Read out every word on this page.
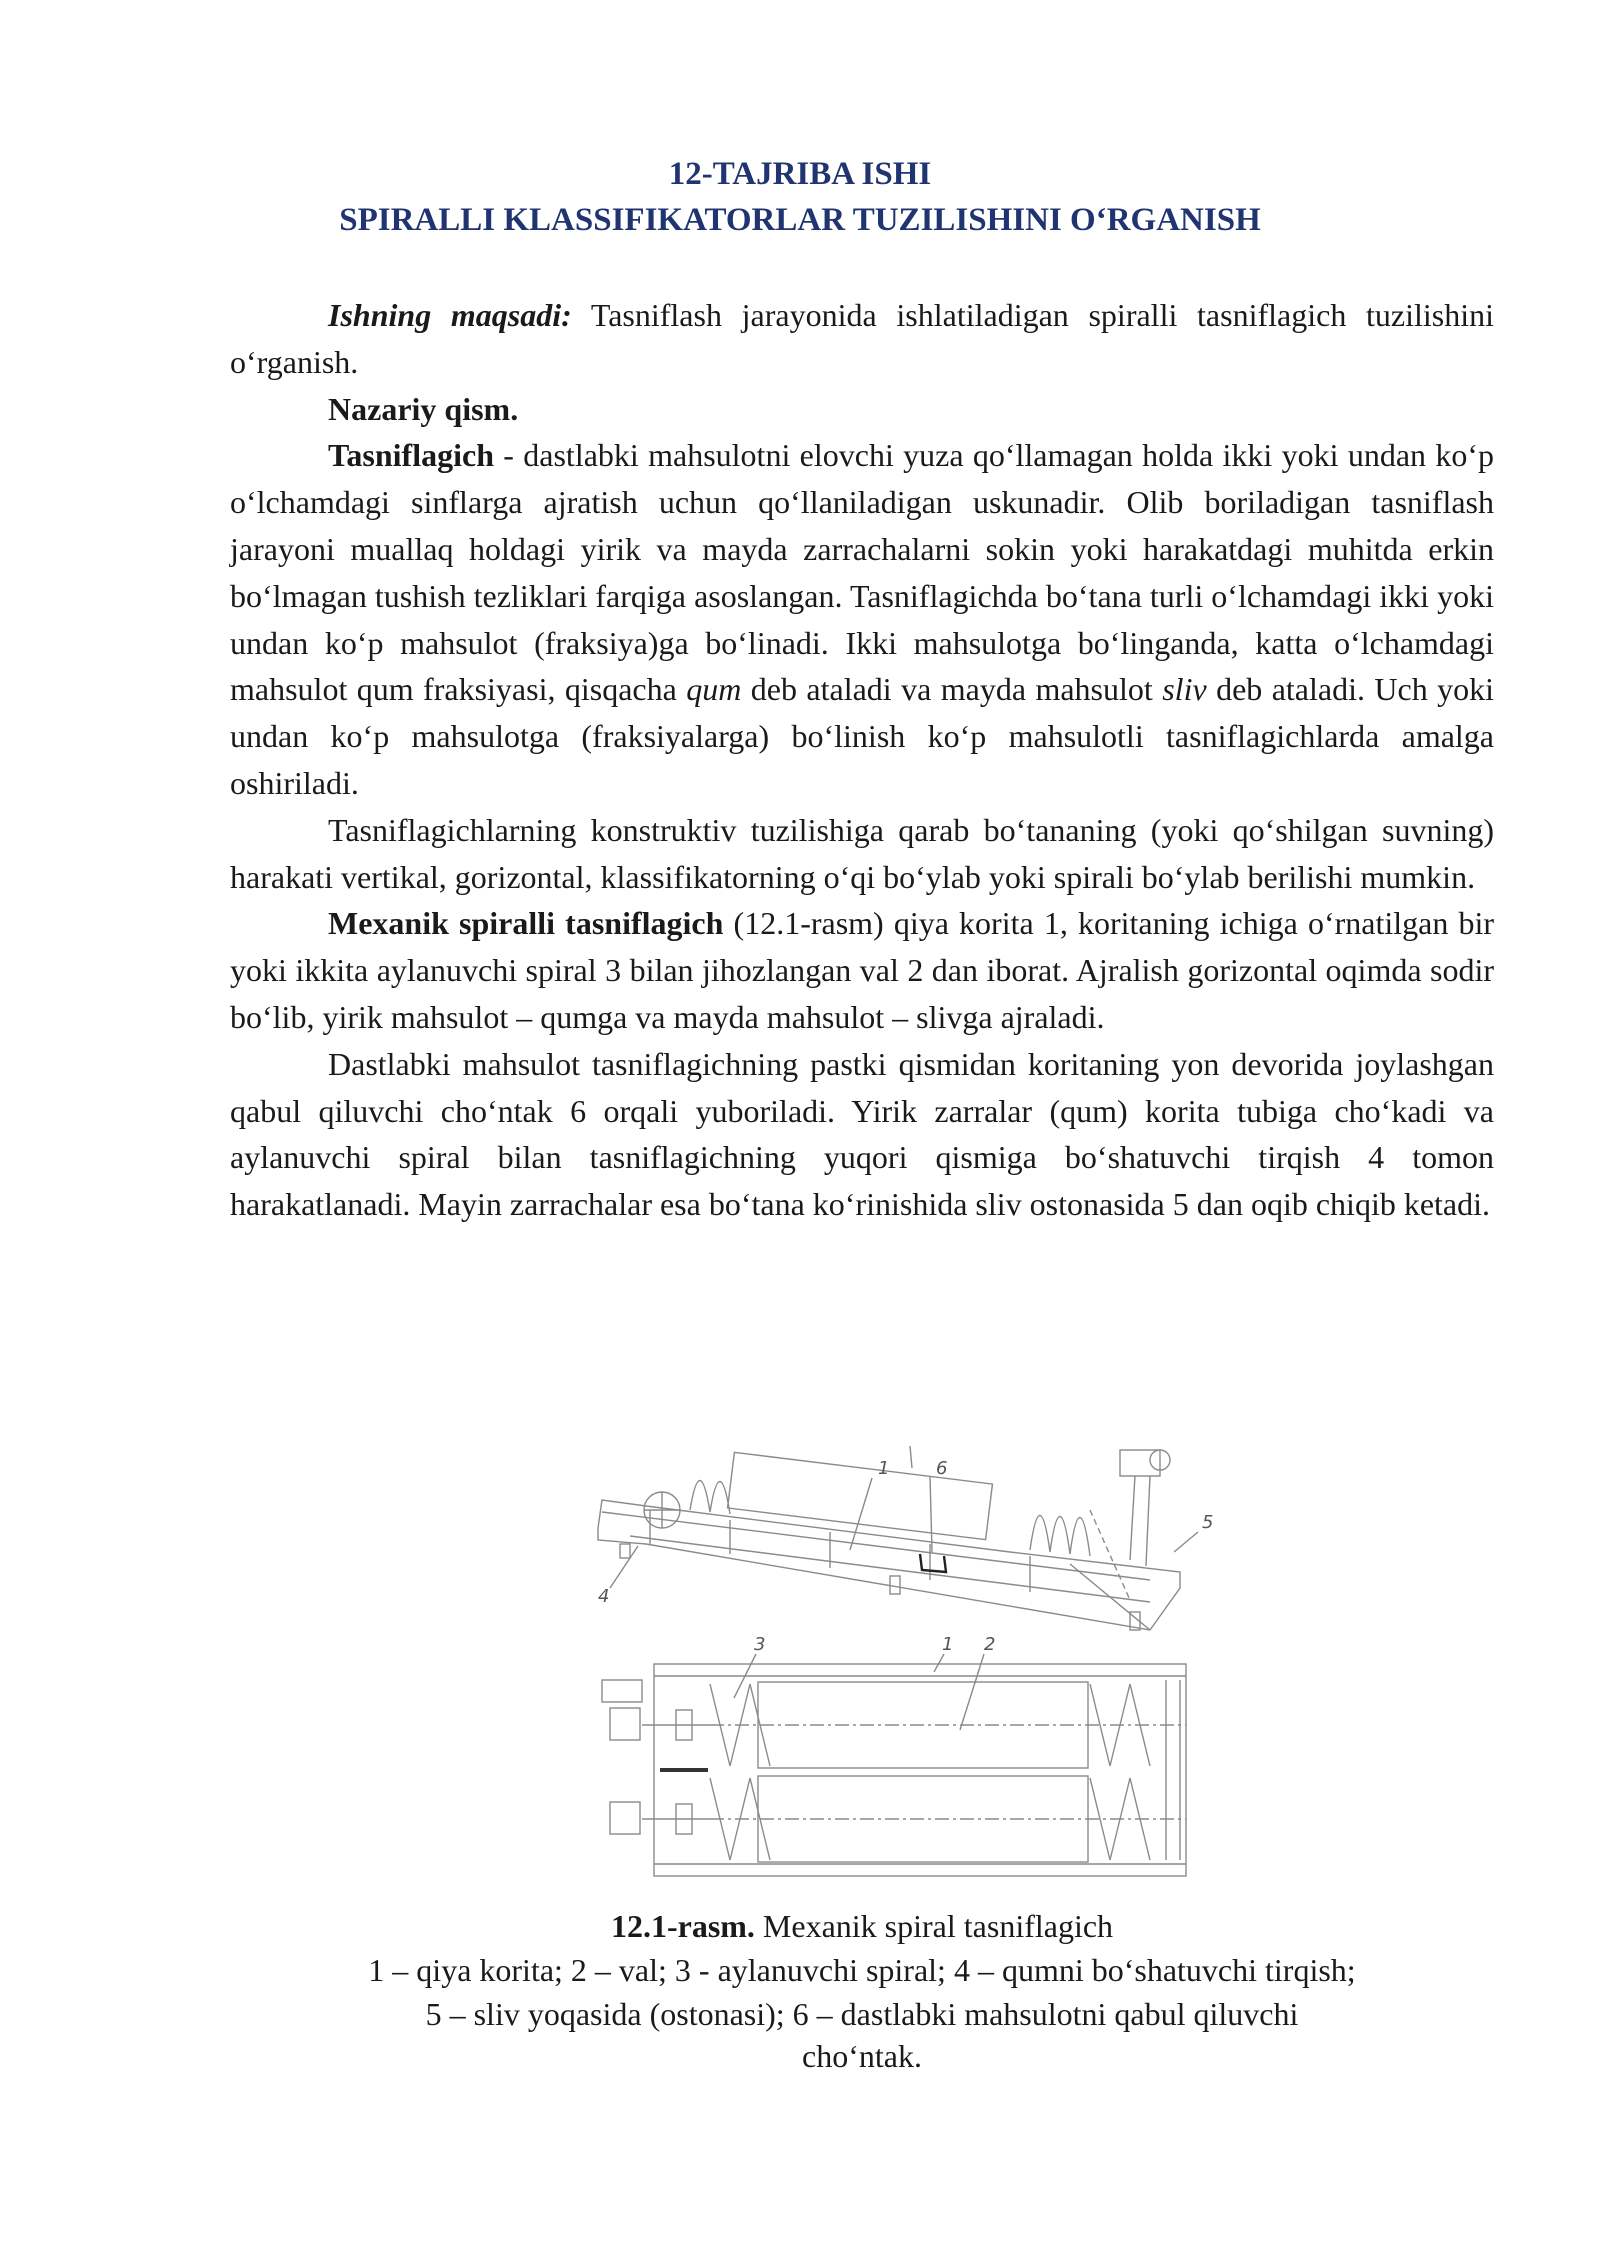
12-TAJRIBA ISHI
SPIRALLI KLASSIFIKATORLAR TUZILISHINI O‘RGANISH

Ishning maqsadi: Tasniflash jarayonida ishlatiladigan spiralli tasniflagich tuzilishini o‘rganish.

Nazariy qism.

Tasniflagich - dastlabki mahsulotni elovchi yuza qo‘llamagan holda ikki yoki undan ko‘p o‘lchamdagi sinflarga ajratish uchun qo‘llaniladigan uskunadir. Olib boriladigan tasniflash jarayoni muallaq holdagi yirik va mayda zarrachalarni sokin yoki harakatdagi muhitda erkin bo‘lmagan tushish tezliklari farqiga asoslangan. Tasniflagichda bo‘tana turli o‘lchamdagi ikki yoki undan ko‘p mahsulot (fraksiya)ga bo‘linadi. Ikki mahsulotga bo‘linganda, katta o‘lchamdagi mahsulot qum fraksiyasi, qisqacha qum deb ataladi va mayda mahsulot sliv deb ataladi. Uch yoki undan ko‘p mahsulotga (fraksiyalarga) bo‘linish ko‘p mahsulotli tasniflagichlarda amalga oshiriladi.

Tasniflagichlarning konstruktiv tuzilishiga qarab bo‘tananing (yoki qo‘shilgan suvning) harakati vertikal, gorizontal, klassifikatorning o‘qi bo‘ylab yoki spirali bo‘ylab berilishi mumkin.

Mexanik spiralli tasniflagich (12.1-rasm) qiya korita 1, koritaning ichiga o‘rnatilgan bir yoki ikkita aylanuvchi spiral 3 bilan jihozlangan val 2 dan iborat. Ajralish gorizontal oqimda sodir bo‘lib, yirik mahsulot – qumga va mayda mahsulot – slivga ajraladi.

Dastlabki mahsulot tasniflagichning pastki qismidan koritaning yon devorida joylashgan qabul qiluvchi cho‘ntak 6 orqali yuboriladi. Yirik zarralar (qum) korita tubiga cho‘kadi va aylanuvchi spiral bilan tasniflagichning yuqori qismiga bo‘shatuvchi tirqish 4 tomon harakatlanadi. Mayin zarrachalar esa bo‘tana ko‘rinishida sliv ostonasida 5 dan oqib chiqib ketadi.

1	6
5
4
3	1 2
12.1-rasm. Mexanik spiral tasniflagich
1 – qiya korita; 2 – val; 3 - aylanuvchi spiral; 4 – qumni bo‘shatuvchi tirqish;
5 – sliv yoqasida (ostonasi); 6 – dastlabki mahsulotni qabul qiluvchi
cho‘ntak.
